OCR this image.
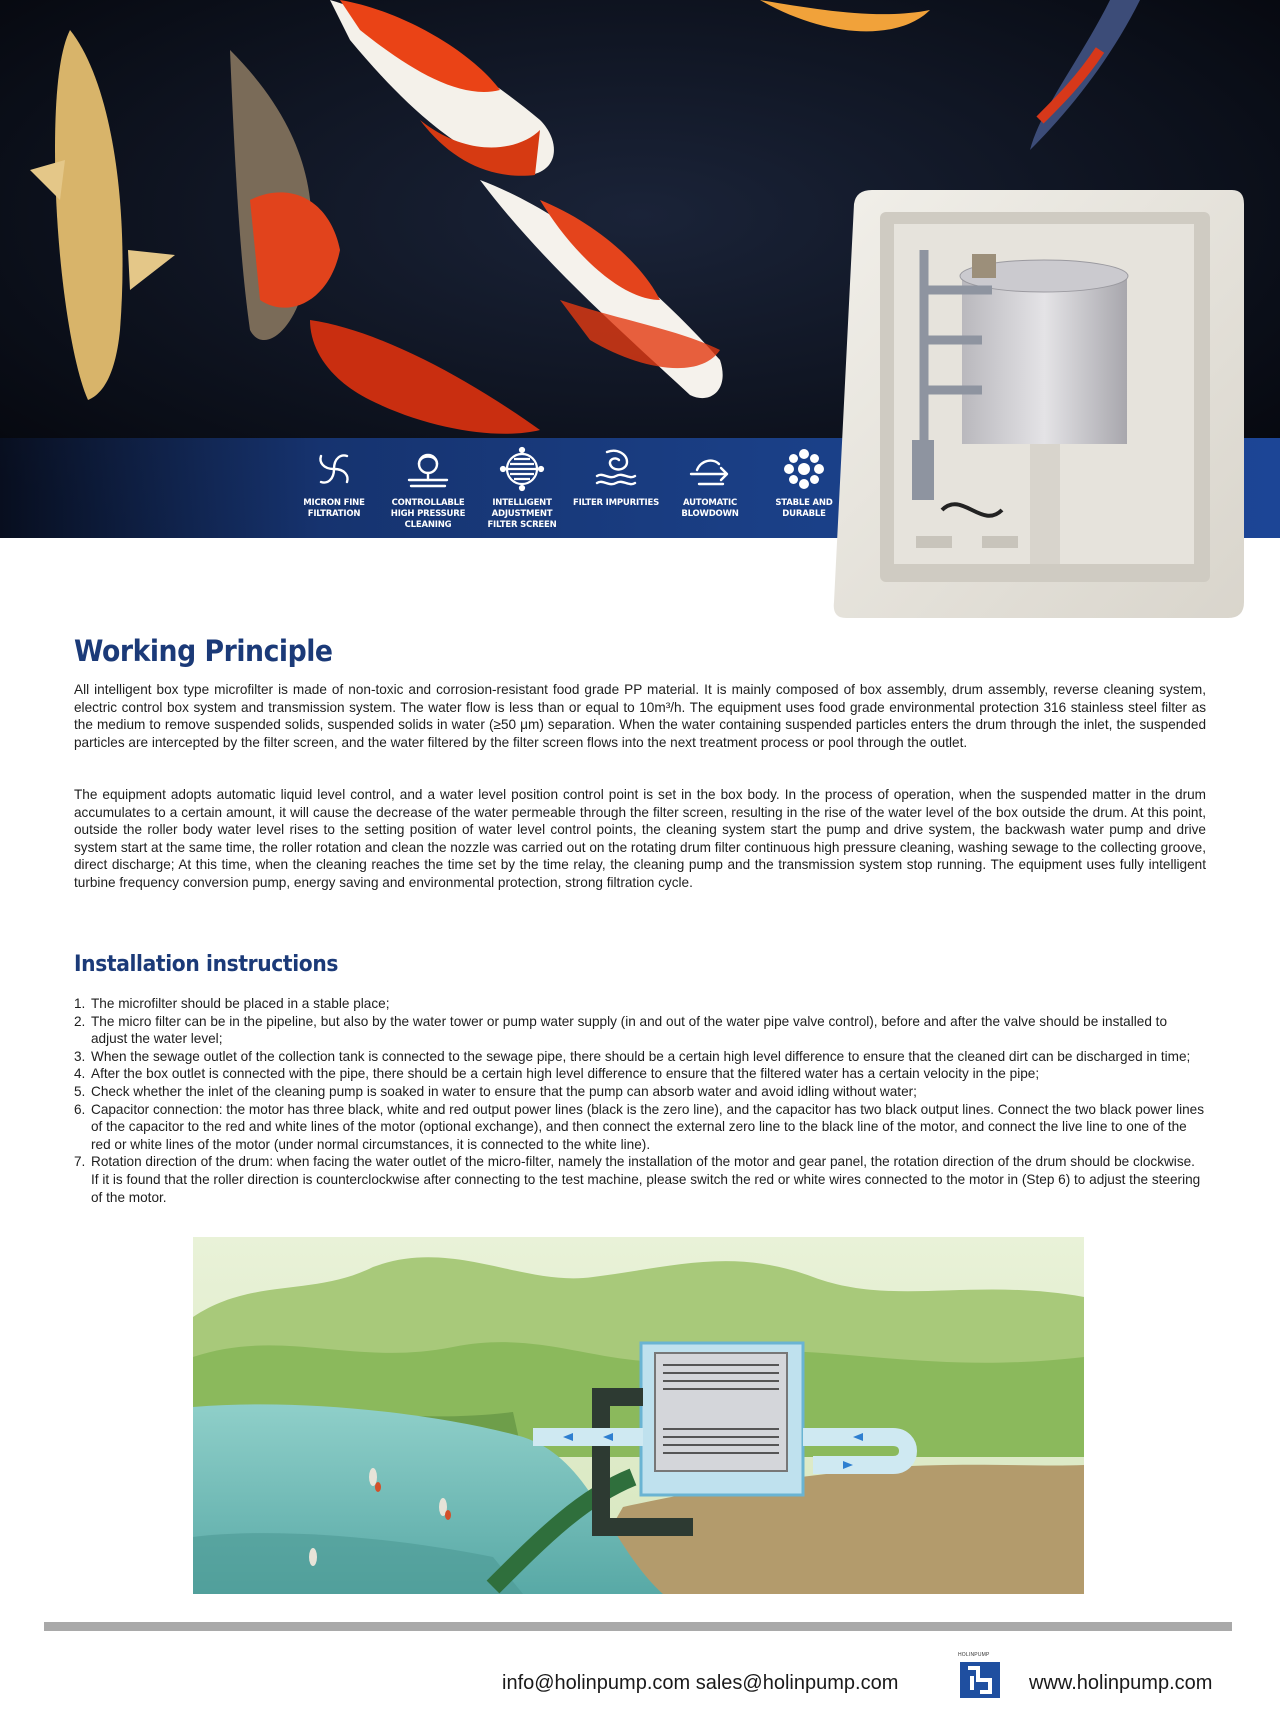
MICRON FINE FILTRATION
CONTROLLABLE HIGH PRESSURE CLEANING
INTELLIGENT ADJUSTMENT FILTER SCREEN
FILTER IMPURITIES	AUTOMATIC BLOWDOWN
STABLE AND DURABLE
Working Principle

All intelligent box type microfilter is made of non-toxic and corrosion-resistant food grade PP material. It is mainly composed of box assembly, drum assembly, reverse cleaning system, electric control box system and transmission system. The water flow is less than or equal to 10m³/h. The equipment uses food grade environmental protection 316 stainless steel filter as the medium to remove suspended solids, suspended solids in water (≥50 μm) separation. When the water containing suspended particles enters the drum through the inlet, the suspended particles are intercepted by the filter screen, and the water filtered by the filter screen flows into the next treatment process or pool through the outlet.

The equipment adopts automatic liquid level control, and a water level position control point is set in the box body. In the process of operation, when the suspended matter in the drum accumulates to a certain amount, it will cause the decrease of the water permeable through the filter screen, resulting in the rise of the water level of the box outside the drum. At this point, outside the roller body water level rises to the setting position of water level control points, the cleaning system start the pump and drive system, the backwash water pump and drive system start at the same time, the roller rotation and clean the nozzle was carried out on the rotating drum filter continuous high pressure cleaning, washing sewage to the collecting groove, direct discharge; At this time, when the cleaning reaches the time set by the time relay, the cleaning pump and the transmission system stop running. The equipment uses fully intelligent turbine frequency conversion pump, energy saving and environmental protection, strong filtration cycle.

Installation instructions
1. The microfilter should be placed in a stable place;
2. The micro filter can be in the pipeline, but also by the water tower or pump water supply (in and out of the water pipe valve control), before and after the valve should be installed to adjust the water level;
3. When the sewage outlet of the collection tank is connected to the sewage pipe, there should be a certain high level difference to ensure that the cleaned dirt can be discharged in time;
4. After the box outlet is connected with the pipe, there should be a certain high level difference to ensure that the filtered water has a certain velocity in the pipe;
5. Check whether the inlet of the cleaning pump is soaked in water to ensure that the pump can absorb water and avoid idling without water;
6. Capacitor connection: the motor has three black, white and red output power lines (black is the zero line), and the capacitor has two black output lines. Connect the two black power lines of the capacitor to the red and white lines of the motor (optional exchange), and then connect the external zero line to the black line of the motor, and connect the live line to one of the red or white lines of the motor (under normal circumstances, it is connected to the white line).
7. Rotation direction of the drum: when facing the water outlet of the micro-filter, namely the installation of the motor and gear panel, the rotation direction of the drum should be clockwise. If it is found that the roller direction is counterclockwise after connecting to the test machine, please switch the red or white wires connected to the motor in (Step 6) to adjust the steering of the motor.
info@holinpump.com sales@holinpump.com
HOLINPUMP
www.holinpump.com
